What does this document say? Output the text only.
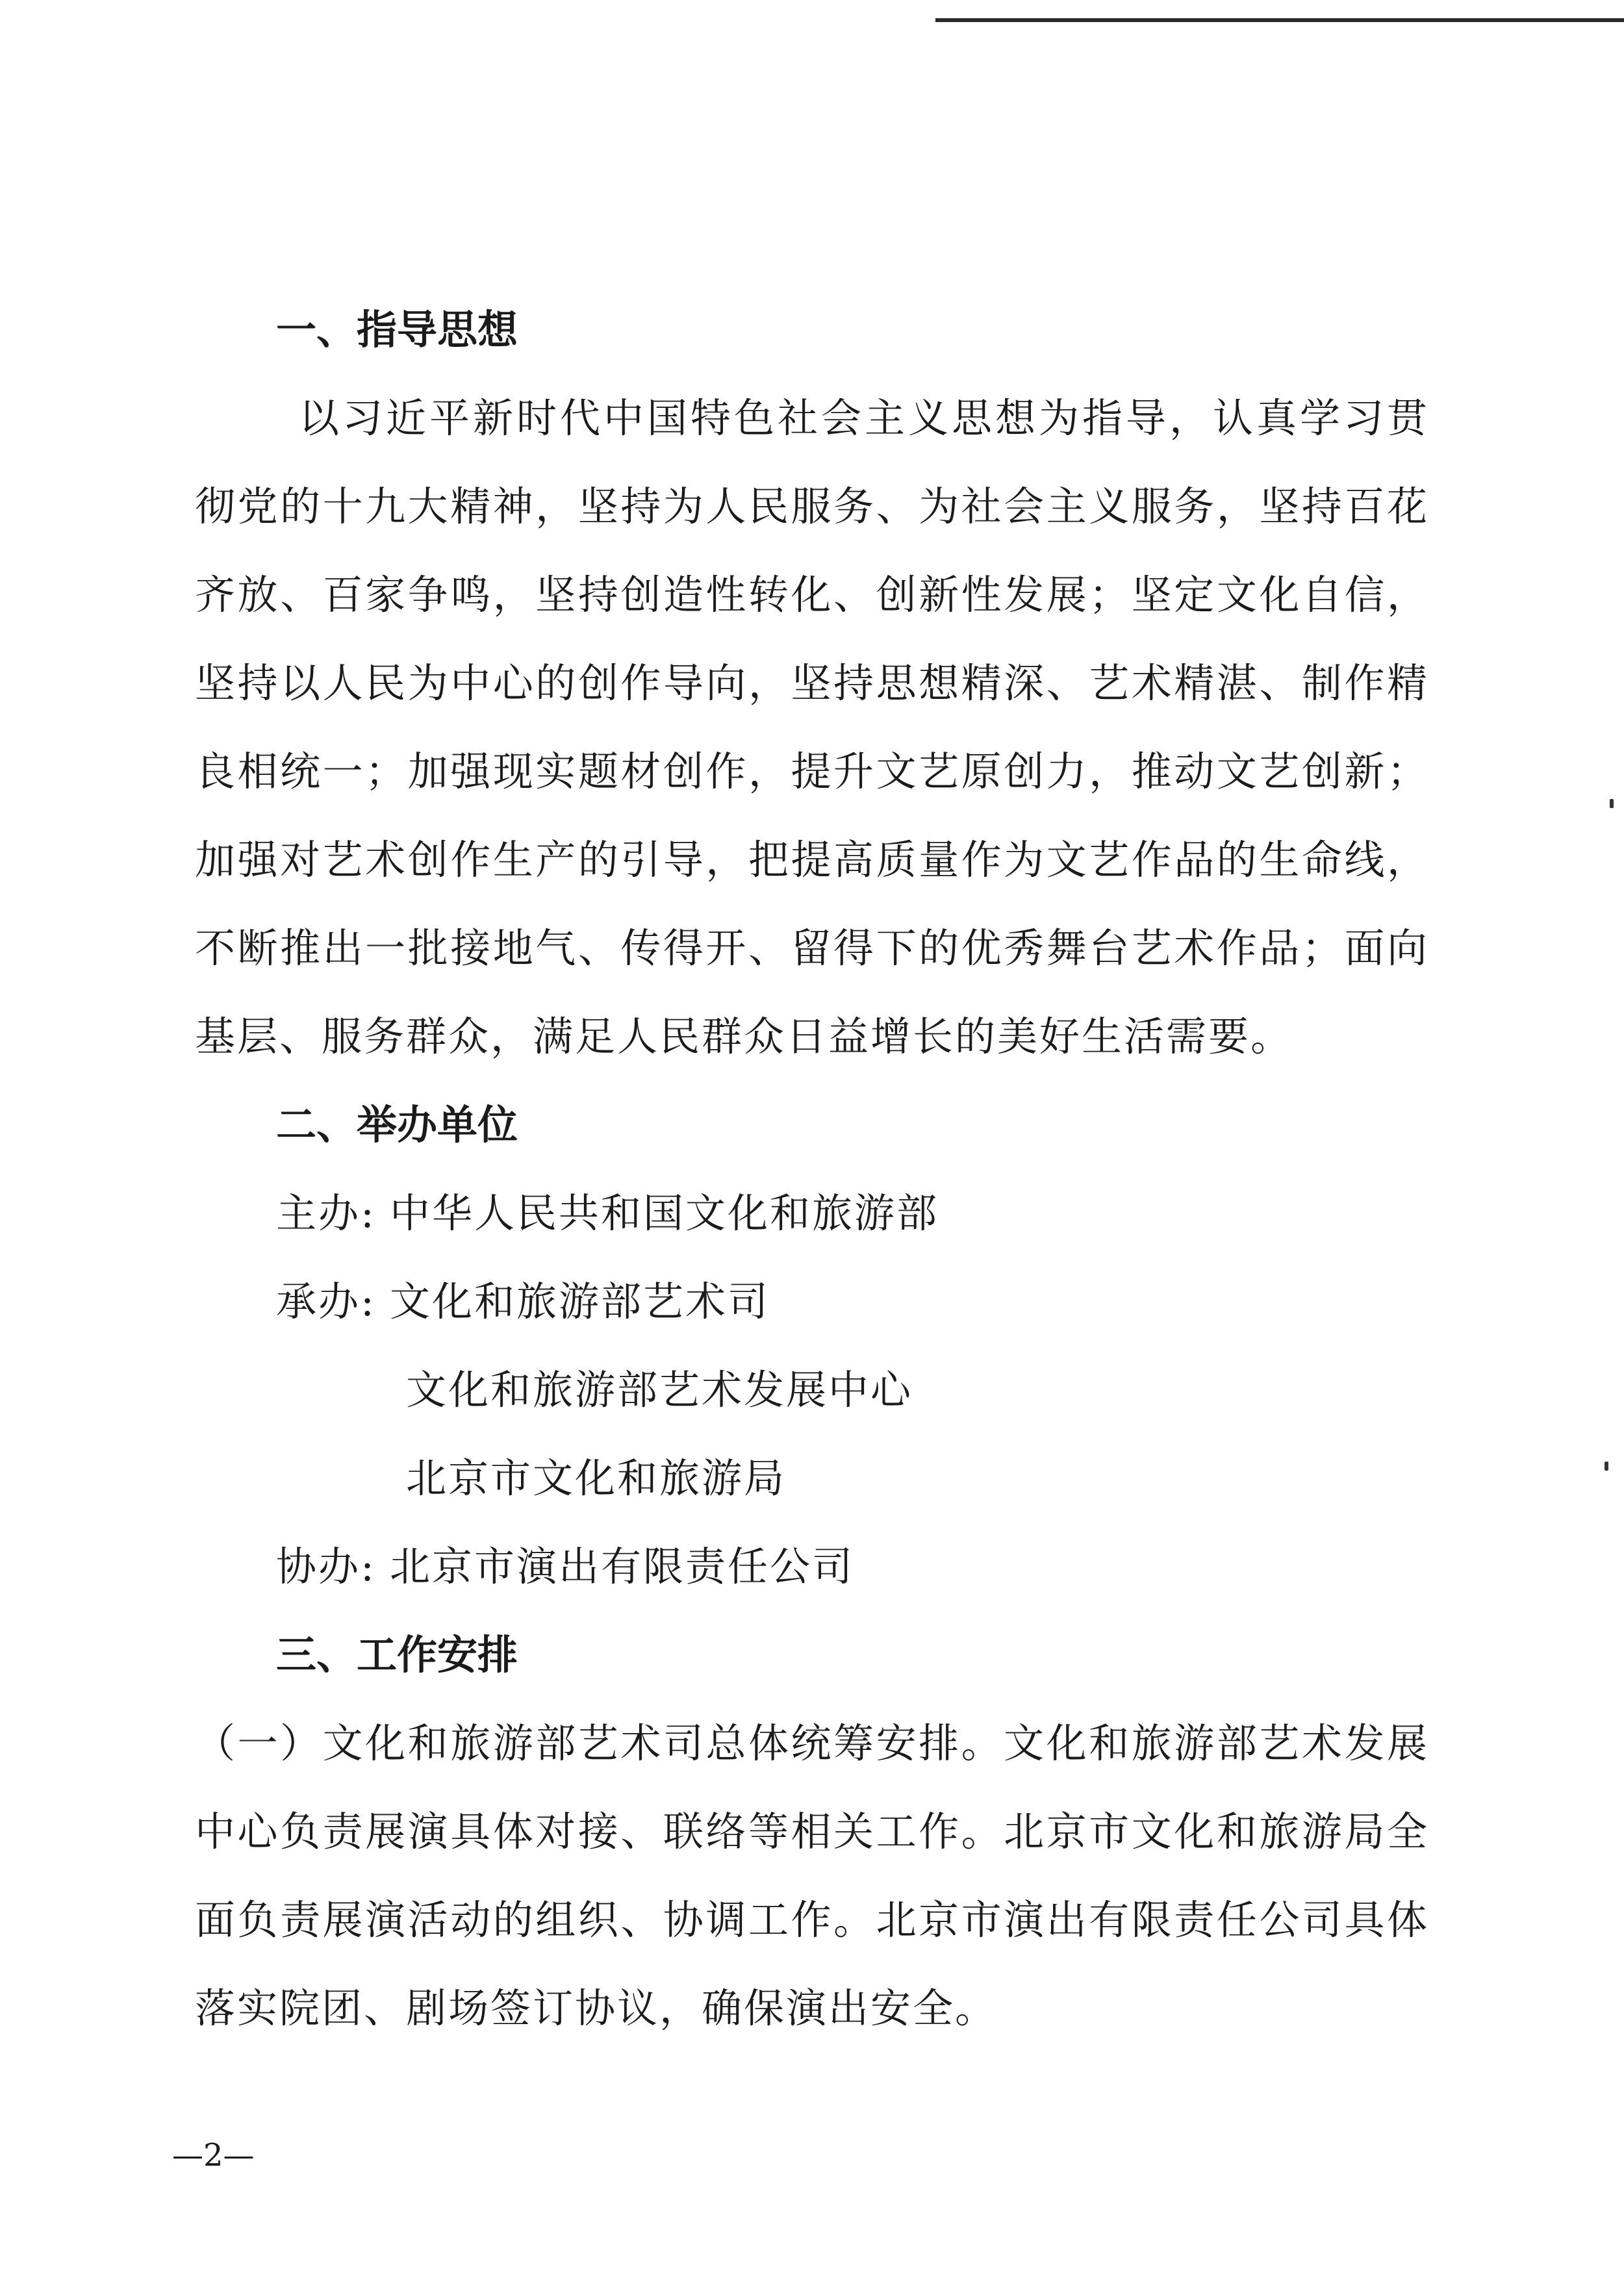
一、指导思想

以习近平新时代中国特色社会主义思想为指导，认真学习贯彻党的十九大精神，坚持为人民服务、为社会主义服务，坚持百花齐放、百家争鸣，坚持创造性转化、创新性发展；坚定文化自信，坚持以人民为中心的创作导向，坚持思想精深、艺术精湛、制作精良相统一；加强现实题材创作，提升文艺原创力，推动文艺创新；加强对艺术创作生产的引导，把提高质量作为文艺作品的生命线，不断推出一批接地气、传得开、留得下的优秀舞台艺术作品；面向基层、服务群众，满足人民群众日益增长的美好生活需要。

二、举办单位
主办: 中华人民共和国文化和旅游部
承办: 文化和旅游部艺术司
文化和旅游部艺术发展中心
北京市文化和旅游局
协办: 北京市演出有限责任公司
三、工作安排

（一）文化和旅游部艺术司总体统筹安排。文化和旅游部艺术发展中心负责展演具体对接、联络等相关工作。北京市文化和旅游局全面负责展演活动的组织、协调工作。北京市演出有限责任公司具体落实院团、剧场签订协议，确保演出安全。

—2—
